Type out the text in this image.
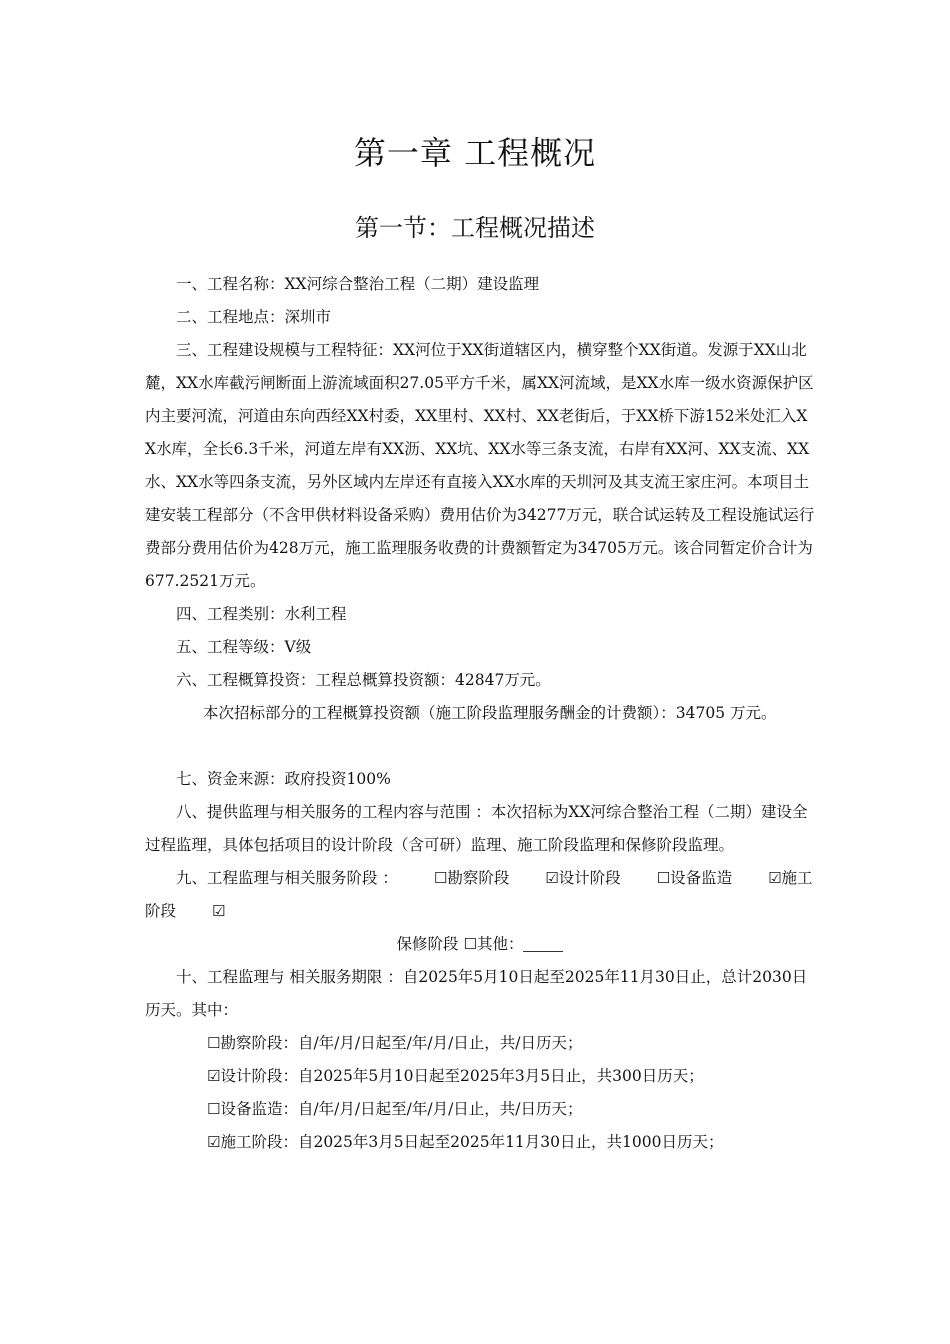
第一章 工程概况
第一节：工程概况描述

一、工程名称：XX河综合整治工程（二期）建设监理

二、工程地点：深圳市

三、工程建设规模与工程特征：XX河位于XX街道辖区内，横穿整个XX街道。发源于XX山北麓，XX水库截污闸断面上游流域面积27.05平方千米，属XX河流域，是XX水库一级水资源保护区内主要河流，河道由东向西经XX村委，XX里村、XX村、XX老街后，于XX桥下游152米处汇入XX水库，全长6.3千米，河道左岸有XX沥、XX坑、XX水等三条支流，右岸有XX河、XX支流、XX水、XX水等四条支流，另外区域内左岸还有直接入XX水库的天圳河及其支流王家庄河。本项目土建安装工程部分（不含甲供材料设备采购）费用估价为34277万元，联合试运转及工程设施试运行费部分费用估价为428万元，施工监理服务收费的计费额暂定为34705万元。该合同暂定价合计为677.2521万元。

四、工程类别：水利工程

五、工程等级：V级

六、工程概算投资：工程总概算投资额：42847万元。

本次招标部分的工程概算投资额（施工阶段监理服务酬金的计费额）：34705 万元。

七、资金来源：政府投资100%

八、提供监理与相关服务的工程内容与范围 ：本次招标为XX河综合整治工程（二期）建设全过程监理，具体包括项目的设计阶段（含可研）监理、施工阶段监理和保修阶段监理。

九、工程监理与相关服务阶段 ： ☐勘察阶段 ☑设计阶段 ☐设备监造 ☑施工阶段 ☑

保修阶段 ☐其他：

十、工程监理与 相关服务期限 ：自2025年5月10日起至2025年11月30日止，总计2030日历天。其中：

☐勘察阶段：自/年/月/日起至/年/月/日止，共/日历天；

☑设计阶段：自2025年5月10日起至2025年3月5日止，共300日历天；

☐设备监造：自/年/月/日起至/年/月/日止，共/日历天；

☑施工阶段：自2025年3月5日起至2025年11月30日止，共1000日历天；
